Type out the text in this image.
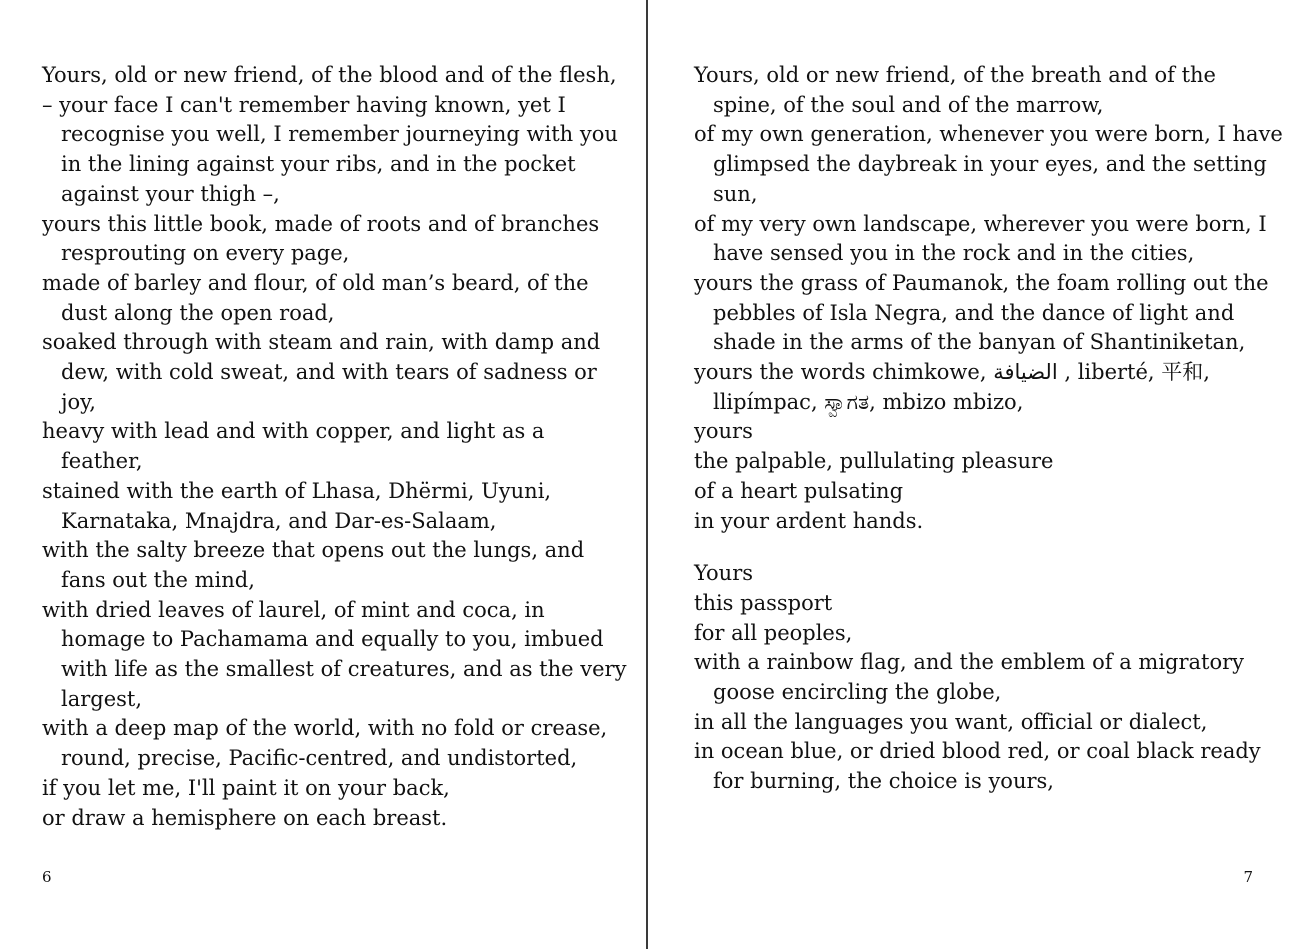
Yours, old or new friend, of the blood and of the flesh,

– your face I can't remember having known, yet I recognise you well, I remember journeying with you in the lining against your ribs, and in the pocket against your thigh –,

yours this little book, made of roots and of branches resprouting on every page,

made of barley and flour, of old man’s beard, of the dust along the open road,

soaked through with steam and rain, with damp and dew, with cold sweat, and with tears of sadness or joy,

heavy with lead and with copper, and light as a feather,

stained with the earth of Lhasa, Dhërmi, Uyuni, Karnataka, Mnajdra, and Dar-es-Salaam,

with the salty breeze that opens out the lungs, and fans out the mind,

with dried leaves of laurel, of mint and coca, in homage to Pachamama and equally to you, imbued with life as the smallest of creatures, and as the very largest,

with a deep map of the world, with no fold or crease, round, precise, Pacific-centred, and undistorted,

if you let me, I'll paint it on your back,

or draw a hemisphere on each breast.

6

Yours, old or new friend, of the breath and of the spine, of the soul and of the marrow,

of my own generation, whenever you were born, I have glimpsed the daybreak in your eyes, and the setting sun,

of my very own landscape, wherever you were born, I have sensed you in the rock and in the cities,

yours the grass of Paumanok, the foam rolling out the pebbles of Isla Negra, and the dance of light and shade in the arms of the banyan of Shantiniketan,

yours the words chimkowe, الضيافة , liberté, 平和, llipímpac, ಸ್ವಾಗತ, mbizo mbizo,

yours

the palpable, pullulating pleasure

of a heart pulsating

in your ardent hands.

Yours

this passport

for all peoples,

with a rainbow flag, and the emblem of a migratory goose encircling the globe,

in all the languages you want, official or dialect,

in ocean blue, or dried blood red, or coal black ready for burning, the choice is yours,

7
